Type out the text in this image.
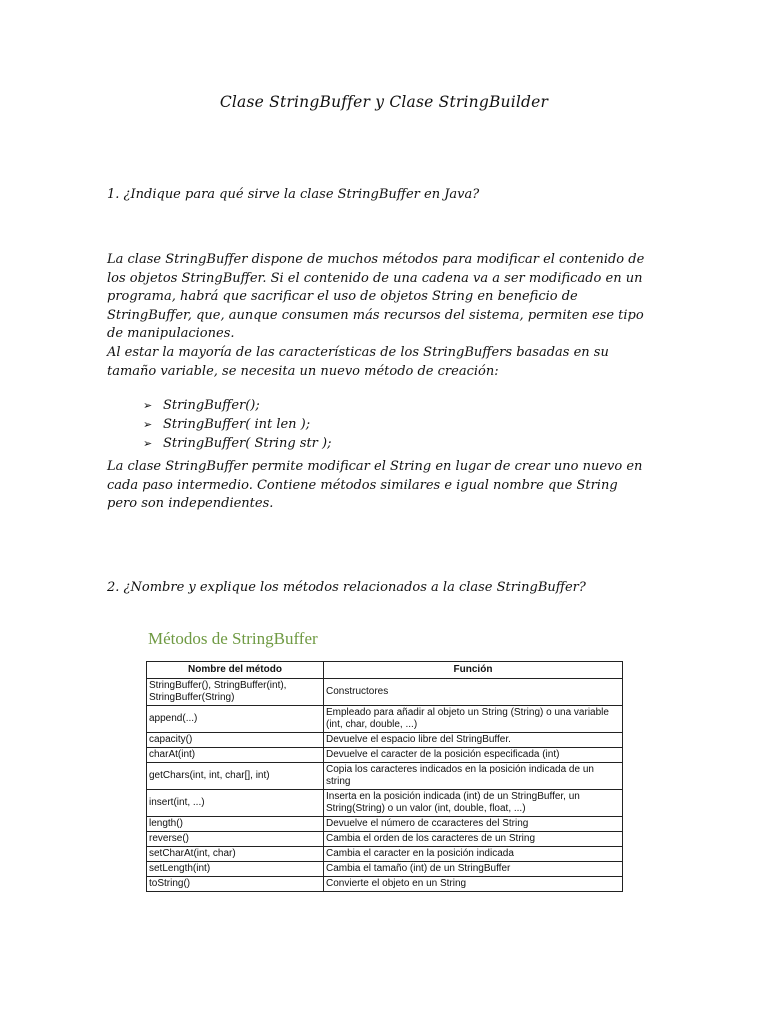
Clase StringBuffer y Clase StringBuilder

1. ¿Indique para qué sirve la clase StringBuffer en Java?

La clase StringBuffer dispone de muchos métodos para modificar el contenido de los objetos StringBuffer. Si el contenido de una cadena va a ser modificado en un programa, habrá que sacrificar el uso de objetos String en beneficio de StringBuffer, que, aunque consumen más recursos del sistema, permiten ese tipo de manipulaciones.

Al estar la mayoría de las características de los StringBuffers basadas en su tamaño variable, se necesita un nuevo método de creación:

➢ StringBuffer();
➢ StringBuffer( int len );
➢ StringBuffer( String str );

La clase StringBuffer permite modificar el String en lugar de crear uno nuevo en cada paso intermedio. Contiene métodos similares e igual nombre que String pero son independientes.

2. ¿Nombre y explique los métodos relacionados a la clase StringBuffer?

Métodos de StringBuffer
Nombre del método	Función
StringBuffer(), StringBuffer(int), StringBuffer(String)	Constructores
append(...)	Empleado para añadir al objeto un String (String) o una variable (int, char, double, ...)
capacity()	Devuelve el espacio libre del StringBuffer.
charAt(int)	Devuelve el caracter de la posición especificada (int)
getChars(int, int, char[], int)	Copia los caracteres indicados en la posición indicada de un string
insert(int, ...)	Inserta en la posición indicada (int) de un StringBuffer, un String(String) o un valor (int, double, float, ...)
length()	Devuelve el número de ccaracteres del String
reverse()	Cambia el orden de los caracteres de un String
setCharAt(int, char)	Cambia el caracter en la posición indicada
setLength(int)	Cambia el tamaño (int) de un StringBuffer
toString()	Convierte el objeto en un String
